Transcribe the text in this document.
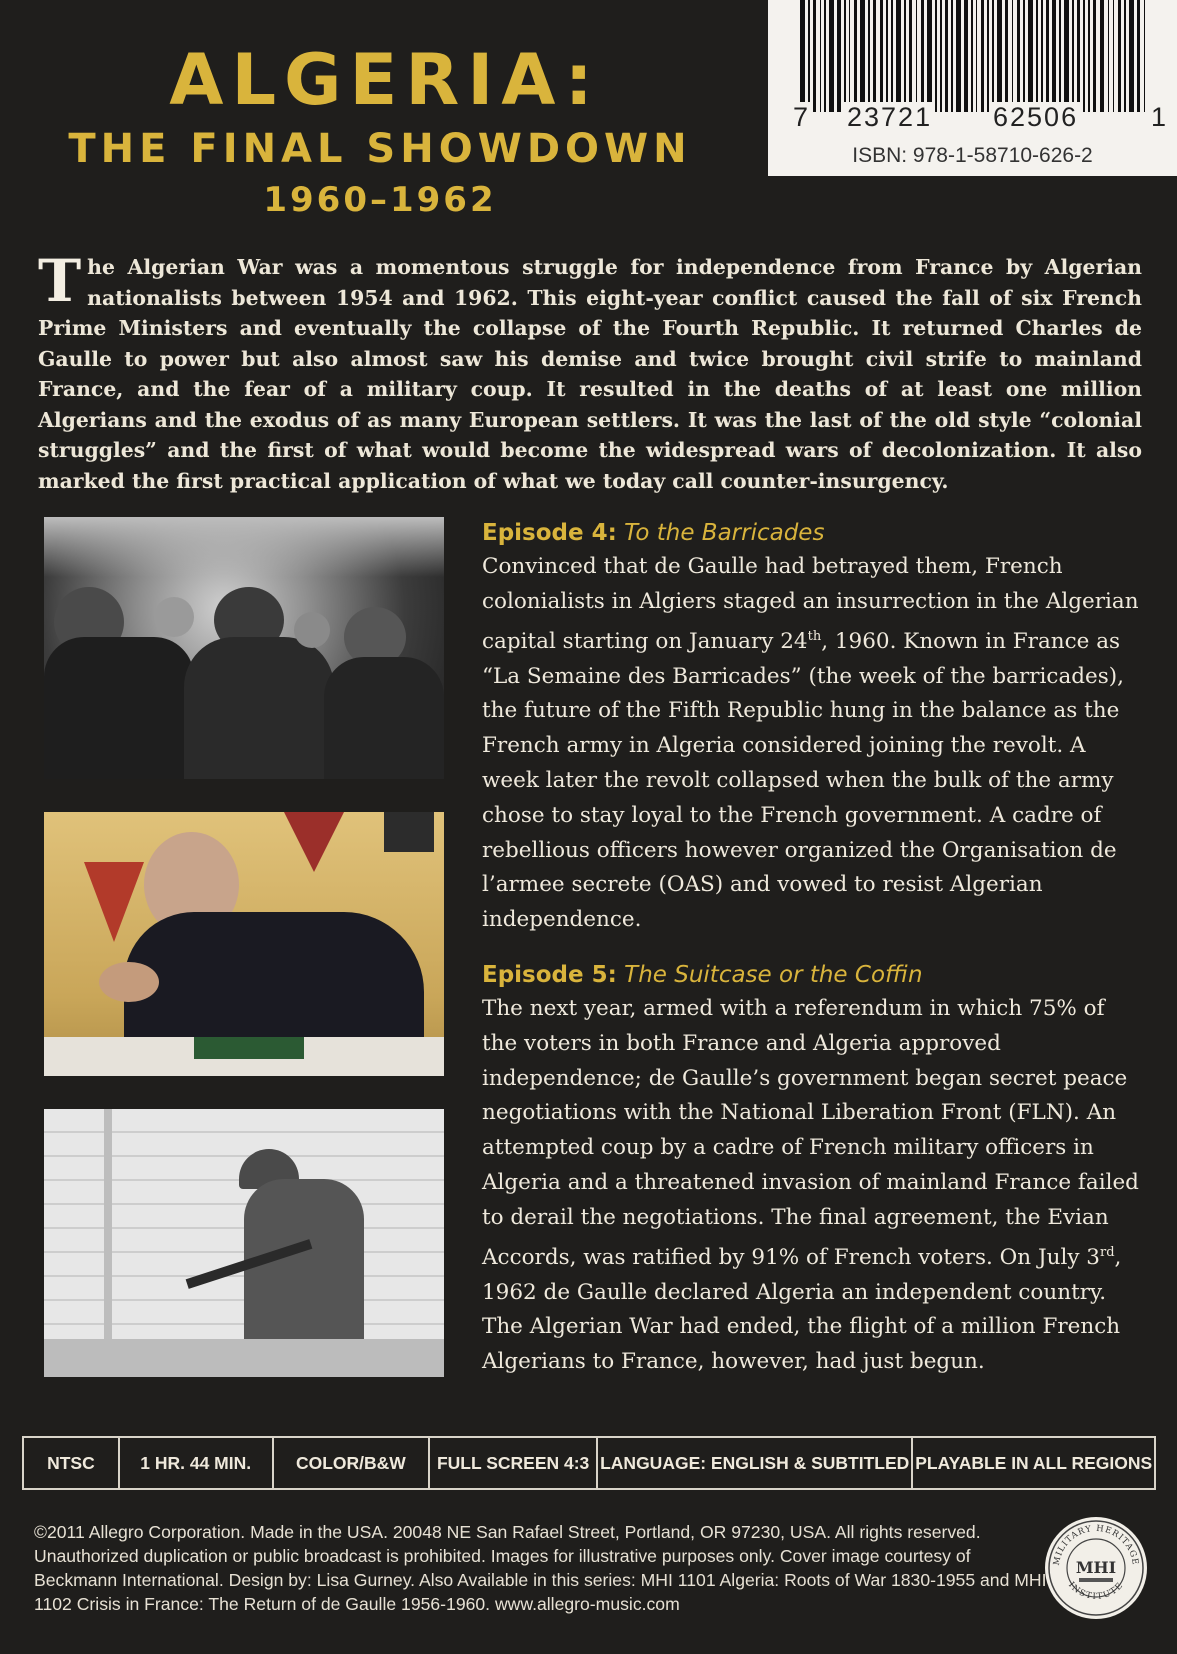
ALGERIA:
THE FINAL SHOWDOWN
1960–1962
7 23721 62506	1
ISBN: 978-1-58710-626-2
The Algerian War was a momentous struggle for independence from France by Algerian nationalists between 1954 and 1962. This eight-year conflict caused the fall of six French Prime Ministers and eventually the collapse of the Fourth Republic. It returned Charles de Gaulle to power but also almost saw his demise and twice brought civil strife to mainland France, and the fear of a military coup. It resulted in the deaths of at least one million Algerians and the exodus of as many European settlers. It was the last of the old style “colonial struggles” and the first of what would become the widespread wars of decolonization. It also marked the first practical application of what we today call counter-insurgency.
Episode 4: To the Barricades
Convinced that de Gaulle had betrayed them, French colonialists in Algiers staged an insurrection in the Algerian capital starting on January 24th, 1960. Known in France as “La Semaine des Barricades” (the week of the barricades), the future of the Fifth Republic hung in the balance as the French army in Algeria considered joining the revolt. A week later the revolt collapsed when the bulk of the army chose to stay loyal to the French government. A cadre of rebellious officers however organized the Organisation de l’armee secrete (OAS) and vowed to resist Algerian independence.
Episode 5: The Suitcase or the Coffin
The next year, armed with a referendum in which 75% of the voters in both France and Algeria approved independence; de Gaulle’s government began secret peace negotiations with the National Liberation Front (FLN). An attempted coup by a cadre of French military officers in Algeria and a threatened invasion of mainland France failed to derail the negotiations. The final agreement, the Evian Accords, was ratified by 91% of French voters. On July 3rd, 1962 de Gaulle declared Algeria an independent country. The Algerian War had ended, the flight of a million French Algerians to France, however, had just begun.
NTSC	1 HR. 44 MIN.	COLOR/B&W	FULL SCREEN 4:3 LANGUAGE: ENGLISH & SUBTITLED PLAYABLE IN ALL REGIONS
©2011 Allegro Corporation. Made in the USA. 20048 NE San Rafael Street, Portland, OR 97230, USA. All rights reserved. Unauthorized duplication or public broadcast is prohibited. Images for illustrative purposes only. Cover image courtesy of Beckmann International. Design by: Lisa Gurney. Also Available in this series: MHI 1101 Algeria: Roots of War 1830-1955 and MHI 1102 Crisis in France: The Return of de Gaulle 1956-1960. www.allegro-music.com
MILITARY HERITAGE
INSTITUTE
MHI
